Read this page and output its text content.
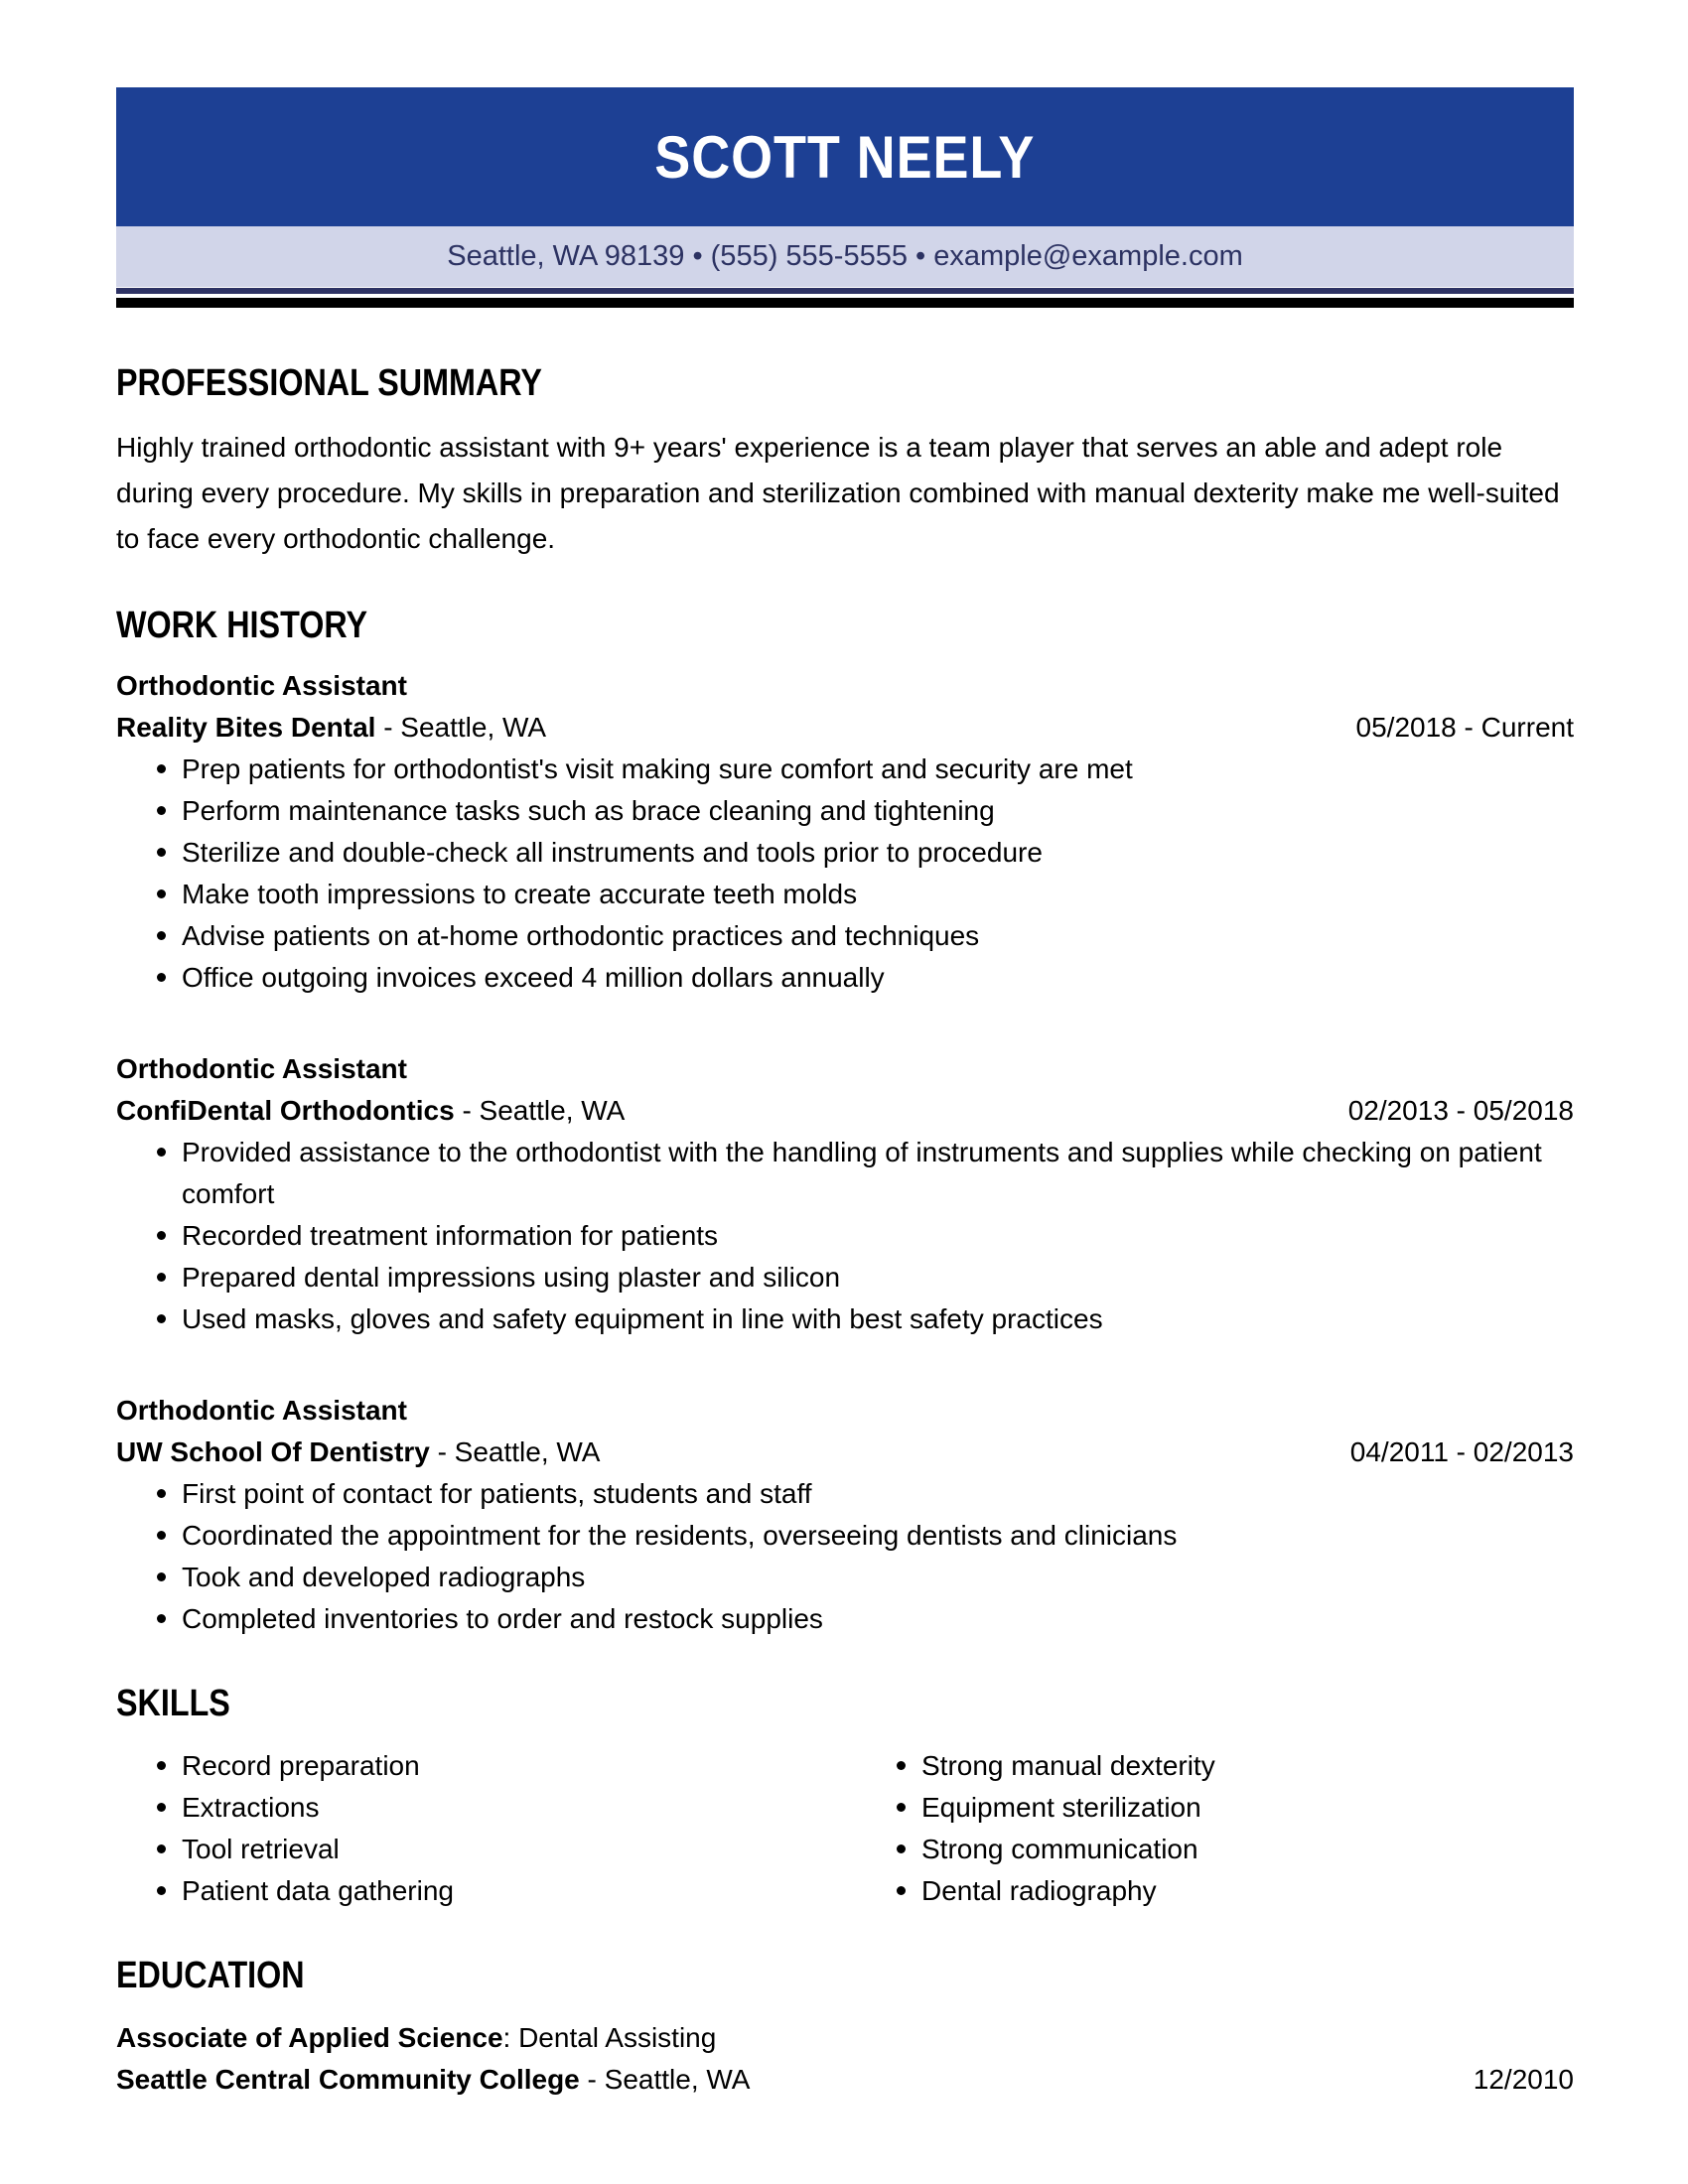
SCOTT NEELY
Seattle, WA 98139 • (555) 555-5555 • example@example.com
PROFESSIONAL SUMMARY

Highly trained orthodontic assistant with 9+ years' experience is a team player that serves an able and adept role during every procedure. My skills in preparation and sterilization combined with manual dexterity make me well-suited to face every orthodontic challenge.

WORK HISTORY
Orthodontic Assistant
Reality Bites Dental - Seattle, WA	05/2018 - Current
Prep patients for orthodontist's visit making sure comfort and security are met
Perform maintenance tasks such as brace cleaning and tightening
Sterilize and double-check all instruments and tools prior to procedure
Make tooth impressions to create accurate teeth molds
Advise patients on at-home orthodontic practices and techniques
Office outgoing invoices exceed 4 million dollars annually
Orthodontic Assistant
ConfiDental Orthodontics - Seattle, WA	02/2013 - 05/2018
Provided assistance to the orthodontist with the handling of instruments and supplies while checking on patient comfort
Recorded treatment information for patients
Prepared dental impressions using plaster and silicon
Used masks, gloves and safety equipment in line with best safety practices
Orthodontic Assistant
UW School Of Dentistry - Seattle, WA	04/2011 - 02/2013
First point of contact for patients, students and staff
Coordinated the appointment for the residents, overseeing dentists and clinicians
Took and developed radiographs
Completed inventories to order and restock supplies
SKILLS
Record preparation
Extractions
Tool retrieval
Patient data gathering
Strong manual dexterity
Equipment sterilization
Strong communication
Dental radiography
EDUCATION
Associate of Applied Science: Dental Assisting
Seattle Central Community College - Seattle, WA	12/2010
